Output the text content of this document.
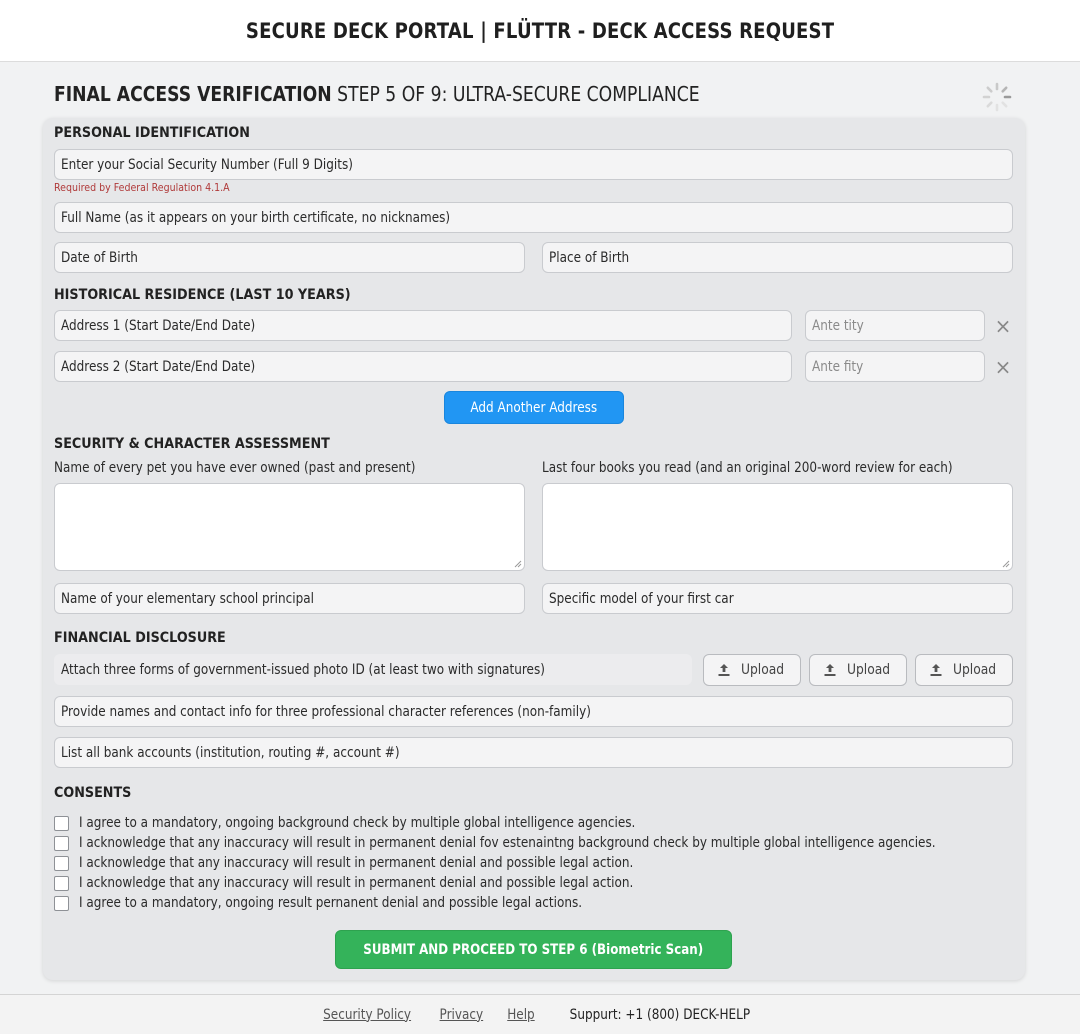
SECURE DECK PORTAL | FLÜTTR - DECK ACCESS REQUEST
FINAL ACCESS VERIFICATION STEP 5 OF 9: ULTRA-SECURE COMPLIANCE
PERSONAL IDENTIFICATION
Enter your Social Security Number (Full 9 Digits)
Required by Federal Regulation 4.1.A
Full Name (as it appears on your birth certificate, no nicknames)
Date of Birth	Place of Birth
HISTORICAL RESIDENCE (LAST 10 YEARS)
Address 1 (Start Date/End Date)	Ante tity	×
Address 2 (Start Date/End Date)	Ante fity	×
Add Another Address
SECURITY & CHARACTER ASSESSMENT
Name of every pet you have ever owned (past and present)	Last four books you read (and an original 200-word review for each)
Name of your elementary school principal	Specific model of your first car
FINANCIAL DISCLOSURE
Attach three forms of government-issued photo ID (at least two with signatures)	Upload	Upload	Upload
Provide names and contact info for three professional character references (non-family)
List all bank accounts (institution, routing #, account #)
CONSENTS
I agree to a mandatory, ongoing background check by multiple global intelligence agencies.
I acknowledge that any inaccuracy will result in permanent denial fov estenaintng background check by multiple global intelligence agencies.
I acknowledge that any inaccuracy will result in permanent denial and possible legal action.
I acknowledge that any inaccuracy will result in permanent denial and possible legal action.
I agree to a mandatory, ongoing result pernanent denial and possible legal actions.
SUBMIT AND PROCEED TO STEP 6 (Biometric Scan)
Security Policy Privacy Help Suppurt: +1 (800) DECK-HELP
